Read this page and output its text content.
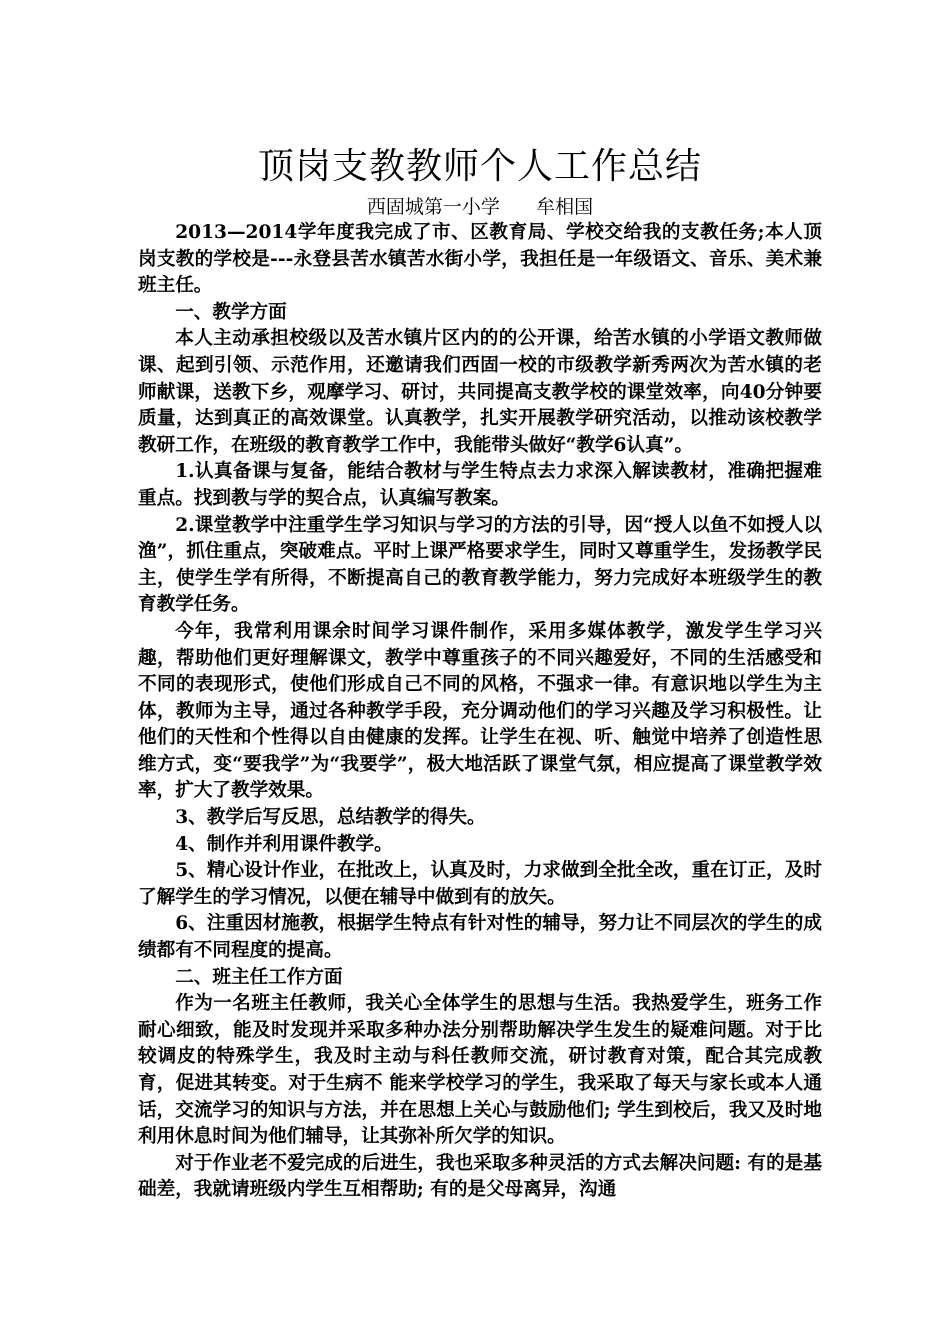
顶岗支教教师个人工作总结

西固城第一小学      牟相国

2013—2014学年度我完成了市、区教育局、学校交给我的支教任务;本人顶岗支教的学校是---永登县苦水镇苦水街小学，我担任是一年级语文、音乐、美术兼班主任。

一、教学方面

本人主动承担校级以及苦水镇片区内的的公开课，给苦水镇的小学语文教师做课、起到引领、示范作用，还邀请我们西固一校的市级教学新秀两次为苦水镇的老师献课，送教下乡，观摩学习、研讨，共同提高支教学校的课堂效率，向40分钟要质量，达到真正的高效课堂。认真教学，扎实开展教学研究活动，以推动该校教学教研工作，在班级的教育教学工作中，我能带头做好“教学6认真”。

1.认真备课与复备，能结合教材与学生特点去力求深入解读教材，准确把握难重点。找到教与学的契合点，认真编写教案。

2.课堂教学中注重学生学习知识与学习的方法的引导，因“授人以鱼不如授人以渔”，抓住重点，突破难点。平时上课严格要求学生，同时又尊重学生，发扬教学民主，使学生学有所得，不断提高自己的教育教学能力，努力完成好本班级学生的教育教学任务。

今年，我常利用课余时间学习课件制作，采用多媒体教学，激发学生学习兴趣，帮助他们更好理解课文，教学中尊重孩子的不同兴趣爱好，不同的生活感受和不同的表现形式，使他们形成自己不同的风格，不强求一律。有意识地以学生为主体，教师为主导，通过各种教学手段，充分调动他们的学习兴趣及学习积极性。让他们的天性和个性得以自由健康的发挥。让学生在视、听、触觉中培养了创造性思维方式，变“要我学”为“我要学”，极大地活跃了课堂气氛，相应提高了课堂教学效率，扩大了教学效果。

3、教学后写反思，总结教学的得失。

4、制作并利用课件教学。

5、精心设计作业，在批改上，认真及时，力求做到全批全改，重在订正，及时了解学生的学习情况，以便在辅导中做到有的放矢。

6、注重因材施教，根据学生特点有针对性的辅导，努力让不同层次的学生的成绩都有不同程度的提高。

二、班主任工作方面

作为一名班主任教师，我关心全体学生的思想与生活。我热爱学生，班务工作耐心细致，能及时发现并采取多种办法分别帮助解决学生发生的疑难问题。对于比较调皮的特殊学生，我及时主动与科任教师交流，研讨教育对策，配合其完成教育，促进其转变。对于生病不 能来学校学习的学生，我采取了每天与家长或本人通话，交流学习的知识与方法，并在思想上关心与鼓励他们; 学生到校后，我又及时地利用休息时间为他们辅导，让其弥补所欠学的知识。

对于作业老不爱完成的后进生，我也采取多种灵活的方式去解决问题: 有的是基础差，我就请班级内学生互相帮助; 有的是父母离异，沟通
